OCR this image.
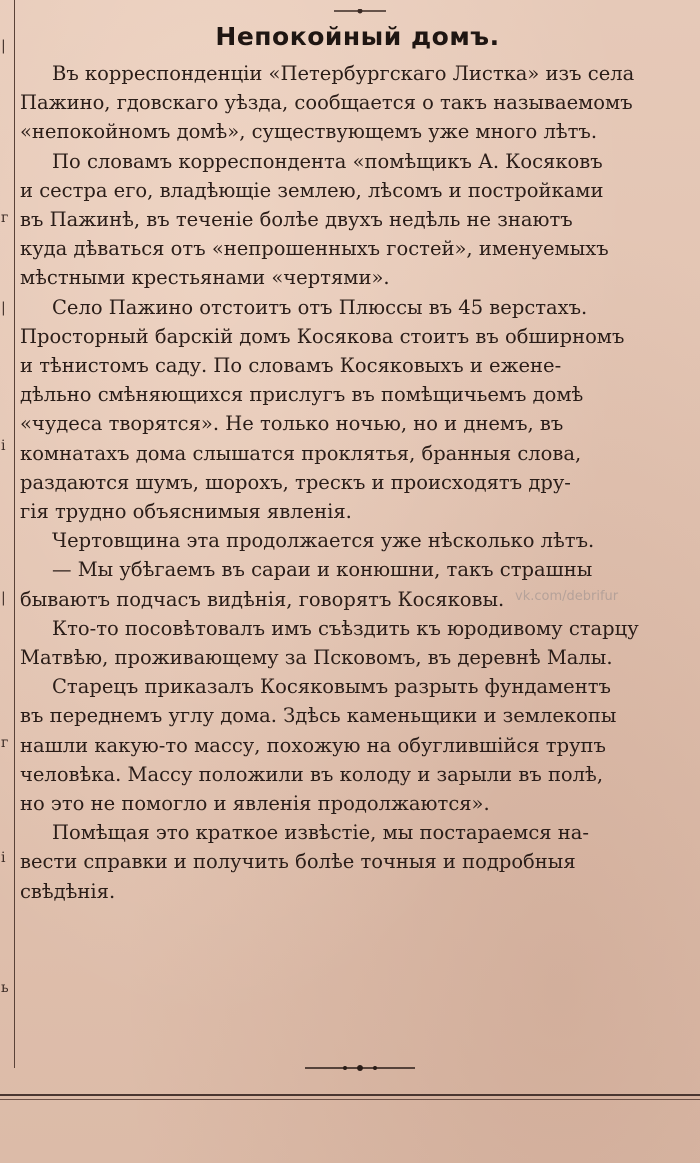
|
г
|
і
|
г
і
ь
Непокойный домъ.
Въ корреспонденціи «Петербургскаго Листка» изъ села
Пажино, гдовскаго уѣзда, сообщается о такъ называемомъ
«непокойномъ домѣ», существующемъ уже много лѣтъ.
По словамъ корреспондента «помѣщикъ А. Косяковъ
и сестра его, владѣющіе землею, лѣсомъ и постройками
въ Пажинѣ, въ теченіе болѣе двухъ недѣль не знаютъ
куда дѣваться отъ «непрошенныхъ гостей», именуемыхъ
мѣстными крестьянами «чертями».
Село Пажино отстоитъ отъ Плюссы въ 45 верстахъ.
Просторный барскій домъ Косякова стоитъ въ обширномъ
и тѣнистомъ саду. По словамъ Косяковыхъ и еженe-
дѣльно смѣняющихся прислугъ въ помѣщичьемъ домѣ
«чудеса творятся». Не только ночью, но и днемъ, въ
комнатахъ дома слышатся проклятья, бранныя слова,
раздаются шумъ, шорохъ, трескъ и происходятъ дру-
гія трудно объяснимыя явленія.
Чертовщина эта продолжается уже нѣсколько лѣтъ.
— Мы убѣгаемъ въ сараи и конюшни, такъ страшны
бываютъ подчасъ видѣнія, говорятъ Косяковы.
Кто-то посовѣтовалъ имъ съѣздить къ юродивому старцу
Матвѣю, проживающему за Псковомъ, въ деревнѣ Малы.
Старецъ приказалъ Косяковымъ разрыть фундаментъ
въ переднемъ углу дома. Здѣсь каменьщики и землекопы
нашли какую-то массу, похожую на обуглившійся трупъ
человѣка. Массу положили въ колоду и зарыли въ полѣ,
но это не помогло и явленія продолжаются».
Помѣщая это краткое извѣстіе, мы постараемся на-
вести справки и получить болѣе точныя и подробныя
свѣдѣнія.
vk.com/debrifur
